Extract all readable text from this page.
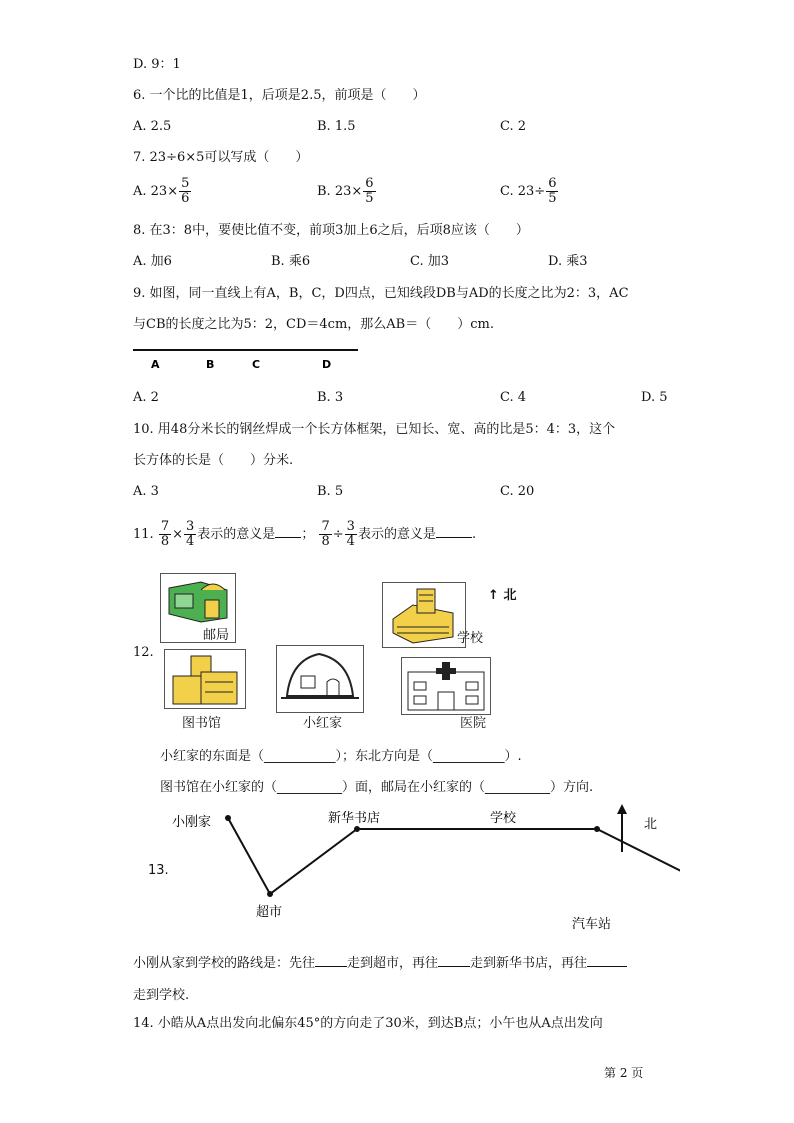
D. 9：1
6. 一个比的比值是1，后项是2.5，前项是（　　）
A. 2.5	B. 1.5	C. 2
7. 23÷6×5可以写成（　　）
A. $23\times \frac{5}{6}$	B. $23\times \frac{6}{5}$	C. $23\div \frac{6}{5}$
8. 在3：8中，要使比值不变，前项3加上6之后，后项8应该（　　）
A. 加6	B. 乘6	C. 加3	D. 乘3
9. 如图，同一直线上有A，B，C，D四点，已知线段DB与AD的长度之比为2：3，AC
与CB的长度之比为5：2，CD＝4cm，那么AB＝（　　）cm.
A	B	C	D
A. 2	B. 3	C. 4	D. 5
10. 用48分米长的钢丝焊成一个长方体框架，已知长、宽、高的比是5：4：3，这个
长方体的长是（　　）分米.
A. 3	B. 5	C. 20
11. $\frac{7}{8} \times \frac{3}{4}$ 表示的意义是 ； $\frac{7}{8} \div \frac{3}{4}$ 表示的意义是	.
12.
邮局	学校
↑ 北
图书馆	小红家	医院
小红家的东面是（___________）；东北方向是（___________）.
图书馆在小红家的（__________）面，邮局在小红家的（__________）方向.
小刚家	新华书店	学校
超市
汽车站
北
13.
小刚从家到学校的路线是：先往 走到超市，再往 走到新华书店，再往
走到学校.
14. 小皓从A点出发向北偏东45°的方向走了30米，到达B点；小午也从A点出发向
第 2 页
